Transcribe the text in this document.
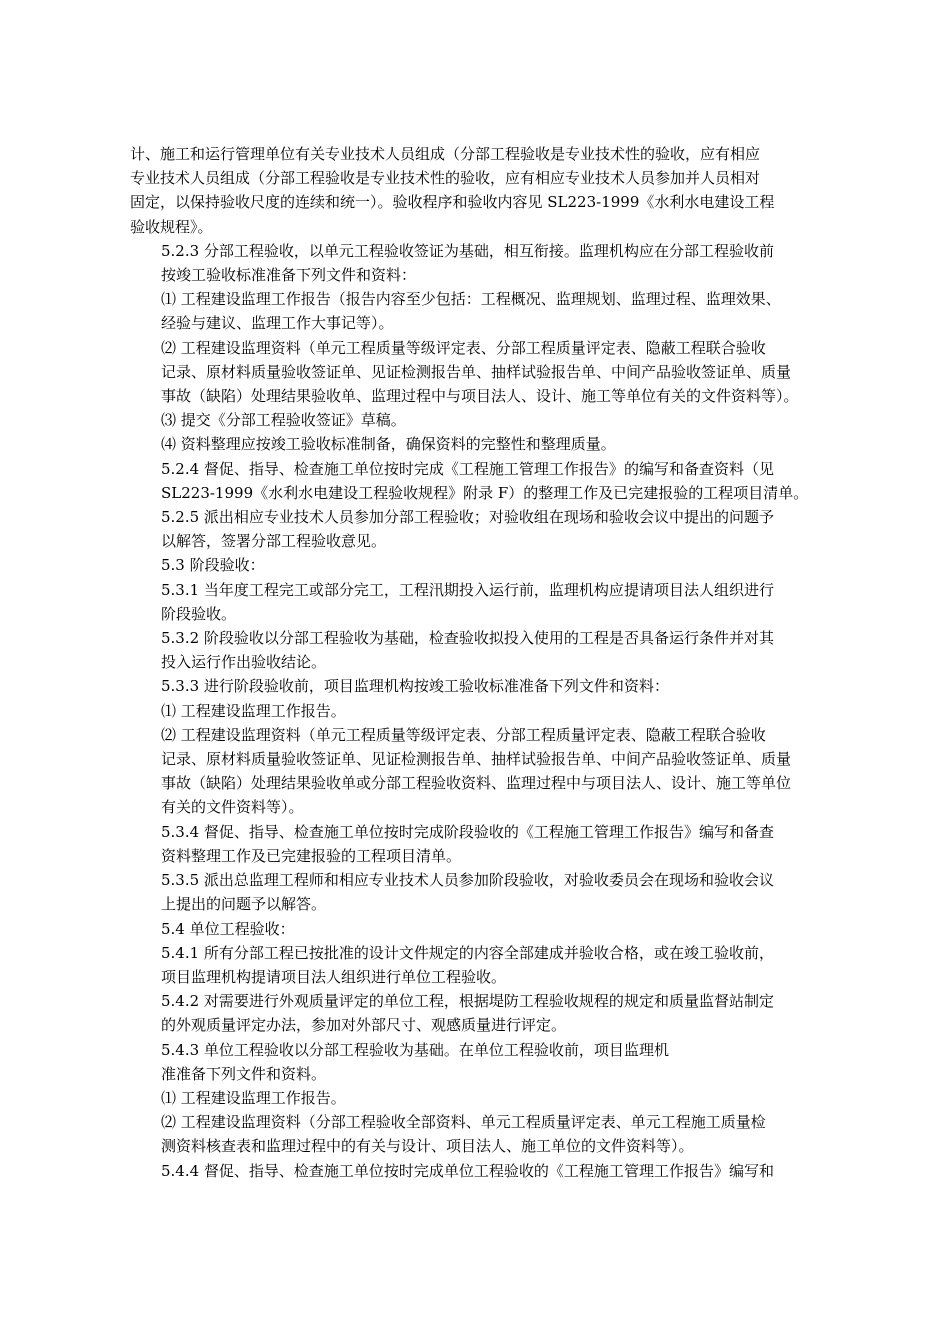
计、施工和运行管理单位有关专业技术人员组成（分部工程验收是专业技术性的验收，应有相应
专业技术人员组成（分部工程验收是专业技术性的验收，应有相应专业技术人员参加并人员相对
固定，以保持验收尺度的连续和统一）。验收程序和验收内容见 SL223-1999《水利水电建设工程
验收规程》。

5.2.3 分部工程验收，以单元工程验收签证为基础，相互衔接。监理机构应在分部工程验收前
按竣工验收标准准备下列文件和资料：

⑴ 工程建设监理工作报告（报告内容至少包括：工程概况、监理规划、监理过程、监理效果、
经验与建议、监理工作大事记等）。

⑵ 工程建设监理资料（单元工程质量等级评定表、分部工程质量评定表、隐蔽工程联合验收
记录、原材料质量验收签证单、见证检测报告单、抽样试验报告单、中间产品验收签证单、质量
事故（缺陷）处理结果验收单、监理过程中与项目法人、设计、施工等单位有关的文件资料等）。

⑶ 提交《分部工程验收签证》草稿。

⑷ 资料整理应按竣工验收标准制备，确保资料的完整性和整理质量。

5.2.4 督促、指导、检查施工单位按时完成《工程施工管理工作报告》的编写和备查资料（见
SL223-1999《水利水电建设工程验收规程》附录 F）的整理工作及已完建报验的工程项目清单。

5.2.5 派出相应专业技术人员参加分部工程验收；对验收组在现场和验收会议中提出的问题予
以解答，签署分部工程验收意见。

5.3 阶段验收：

5.3.1 当年度工程完工或部分完工，工程汛期投入运行前，监理机构应提请项目法人组织进行
阶段验收。

5.3.2 阶段验收以分部工程验收为基础，检查验收拟投入使用的工程是否具备运行条件并对其
投入运行作出验收结论。

5.3.3 进行阶段验收前，项目监理机构按竣工验收标准准备下列文件和资料：

⑴ 工程建设监理工作报告。

⑵ 工程建设监理资料（单元工程质量等级评定表、分部工程质量评定表、隐蔽工程联合验收
记录、原材料质量验收签证单、见证检测报告单、抽样试验报告单、中间产品验收签证单、质量
事故（缺陷）处理结果验收单或分部工程验收资料、监理过程中与项目法人、设计、施工等单位
有关的文件资料等）。

5.3.4 督促、指导、检查施工单位按时完成阶段验收的《工程施工管理工作报告》编写和备查
资料整理工作及已完建报验的工程项目清单。

5.3.5 派出总监理工程师和相应专业技术人员参加阶段验收，对验收委员会在现场和验收会议
上提出的问题予以解答。

5.4 单位工程验收：

5.4.1 所有分部工程已按批准的设计文件规定的内容全部建成并验收合格，或在竣工验收前，
项目监理机构提请项目法人组织进行单位工程验收。

5.4.2 对需要进行外观质量评定的单位工程，根据堤防工程验收规程的规定和质量监督站制定
的外观质量评定办法，参加对外部尺寸、观感质量进行评定。

5.4.3 单位工程验收以分部工程验收为基础。在单位工程验收前，项目监理机
准准备下列文件和资料。

⑴ 工程建设监理工作报告。

⑵ 工程建设监理资料（分部工程验收全部资料、单元工程质量评定表、单元工程施工质量检
测资料核查表和监理过程中的有关与设计、项目法人、施工单位的文件资料等）。

5.4.4 督促、指导、检查施工单位按时完成单位工程验收的《工程施工管理工作报告》编写和
